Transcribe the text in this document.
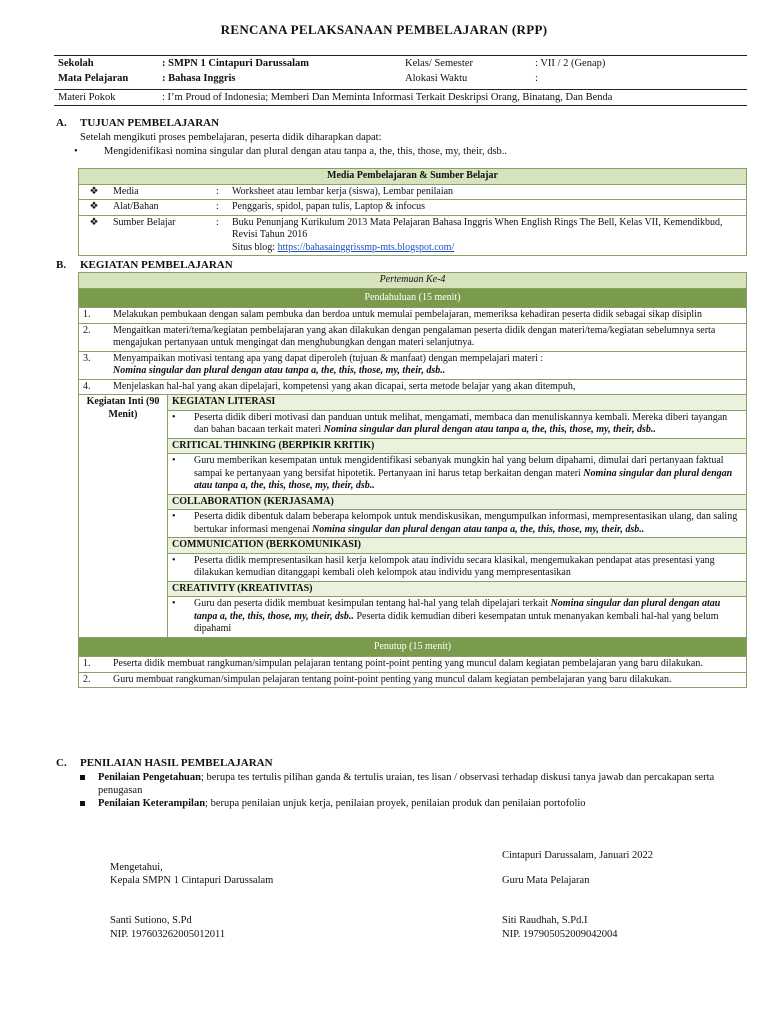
RENCANA PELAKSANAAN PEMBELAJARAN (RPP)
Sekolah	: SMPN 1 Cintapuri Darussalam	Kelas/ Semester	: VII / 2 (Genap)
Mata Pelajaran	: Bahasa Inggris	Alokasi Waktu	:
Materi Pokok	: I’m Proud of Indonesia; Memberi Dan Meminta Informasi Terkait Deskripsi Orang, Binatang, Dan Benda
A. TUJUAN PEMBELAJARAN
Setelah mengikuti proses pembelajaran, peserta didik diharapkan dapat:
•	Mengidenifikasi nomina singular dan plural dengan atau tanpa a, the, this, those, my, their, dsb..
Media Pembelajaran & Sumber Belajar			
❖	Media	:	Worksheet atau lembar kerja (siswa), Lembar penilaian
❖	Alat/Bahan	:	Penggaris, spidol, papan tulis, Laptop & infocus
❖	Sumber Belajar	:	Buku Penunjang Kurikulum 2013 Mata Pelajaran Bahasa Inggris When English Rings The Bell, Kelas VII, Kemendikbud, Revisi Tahun 2016
Situs blog: https://bahasainggrissmp-mts.blogspot.com/
B. KEGIATAN PEMBELAJARAN
Pertemuan Ke-4
Pendahuluan (15 menit)

1.	Melakukan pembukaan dengan salam pembuka dan berdoa untuk memulai pembelajaran, memeriksa kehadiran peserta didik sebagai sikap disiplin
2.	Mengaitkan materi/tema/kegiatan pembelajaran yang akan dilakukan dengan pengalaman peserta didik dengan materi/tema/kegiatan sebelumnya serta mengajukan pertanyaan untuk mengingat dan menghubungkan dengan materi selanjutnya.
3.	Menyampaikan motivasi tentang apa yang dapat diperoleh (tujuan & manfaat) dengan mempelajari materi :
Nomina singular dan plural dengan atau tanpa a, the, this, those, my, their, dsb..
4.	Menjelaskan hal-hal yang akan dipelajari, kompetensi yang akan dicapai, serta metode belajar yang akan ditempuh,

Kegiatan Inti (90 Menit)	
KEGIATAN LITERASI
•	Peserta didik diberi motivasi dan panduan untuk melihat, mengamati, membaca dan menuliskannya kembali. Mereka diberi tayangan dan bahan bacaan terkait materi Nomina singular dan plural dengan atau tanpa a, the, this, those, my, their, dsb..
CRITICAL THINKING (BERPIKIR KRITIK)
•	Guru memberikan kesempatan untuk mengidentifikasi sebanyak mungkin hal yang belum dipahami, dimulai dari pertanyaan faktual sampai ke pertanyaan yang bersifat hipotetik. Pertanyaan ini harus tetap berkaitan dengan materi Nomina singular dan plural dengan atau tanpa a, the, this, those, my, their, dsb..
COLLABORATION (KERJASAMA)
•	Peserta didik dibentuk dalam beberapa kelompok untuk mendiskusikan, mengumpulkan informasi, mempresentasikan ulang, dan saling bertukar informasi mengenai Nomina singular dan plural dengan atau tanpa a, the, this, those, my, their, dsb..
COMMUNICATION (BERKOMUNIKASI)
•	Peserta didik mempresentasikan hasil kerja kelompok atau individu secara klasikal, mengemukakan pendapat atas presentasi yang dilakukan kemudian ditanggapi kembali oleh kelompok atau individu yang mempresentasikan
CREATIVITY (KREATIVITAS)
•	Guru dan peserta didik membuat kesimpulan tentang hal-hal yang telah dipelajari terkait Nomina singular dan plural dengan atau tanpa a, the, this, those, my, their, dsb.. Peserta didik kemudian diberi kesempatan untuk menanyakan kembali hal-hal yang belum dipahami

Penutup (15 menit)

1.	Peserta didik membuat rangkuman/simpulan pelajaran tentang point-point penting yang muncul dalam kegiatan pembelajaran yang baru dilakukan.
2.	Guru membuat rangkuman/simpulan pelajaran tentang point-point penting yang muncul dalam kegiatan pembelajaran yang baru dilakukan.
C. PENILAIAN HASIL PEMBELAJARAN
Penilaian Pengetahuan; berupa tes tertulis pilihan ganda & tertulis uraian, tes lisan / observasi terhadap diskusi tanya jawab dan percakapan serta penugasan
Penilaian Keterampilan; berupa penilaian unjuk kerja, penilaian proyek, penilaian produk dan penilaian portofolio
Cintapuri Darussalam, Januari 2022
Mengetahui,
Kepala SMPN 1 Cintapuri Darussalam	Guru Mata Pelajaran
Santi Sutiono, S.Pd
NIP. 197603262005012011
Siti Raudhah, S.Pd.I
NIP. 197905052009042004
